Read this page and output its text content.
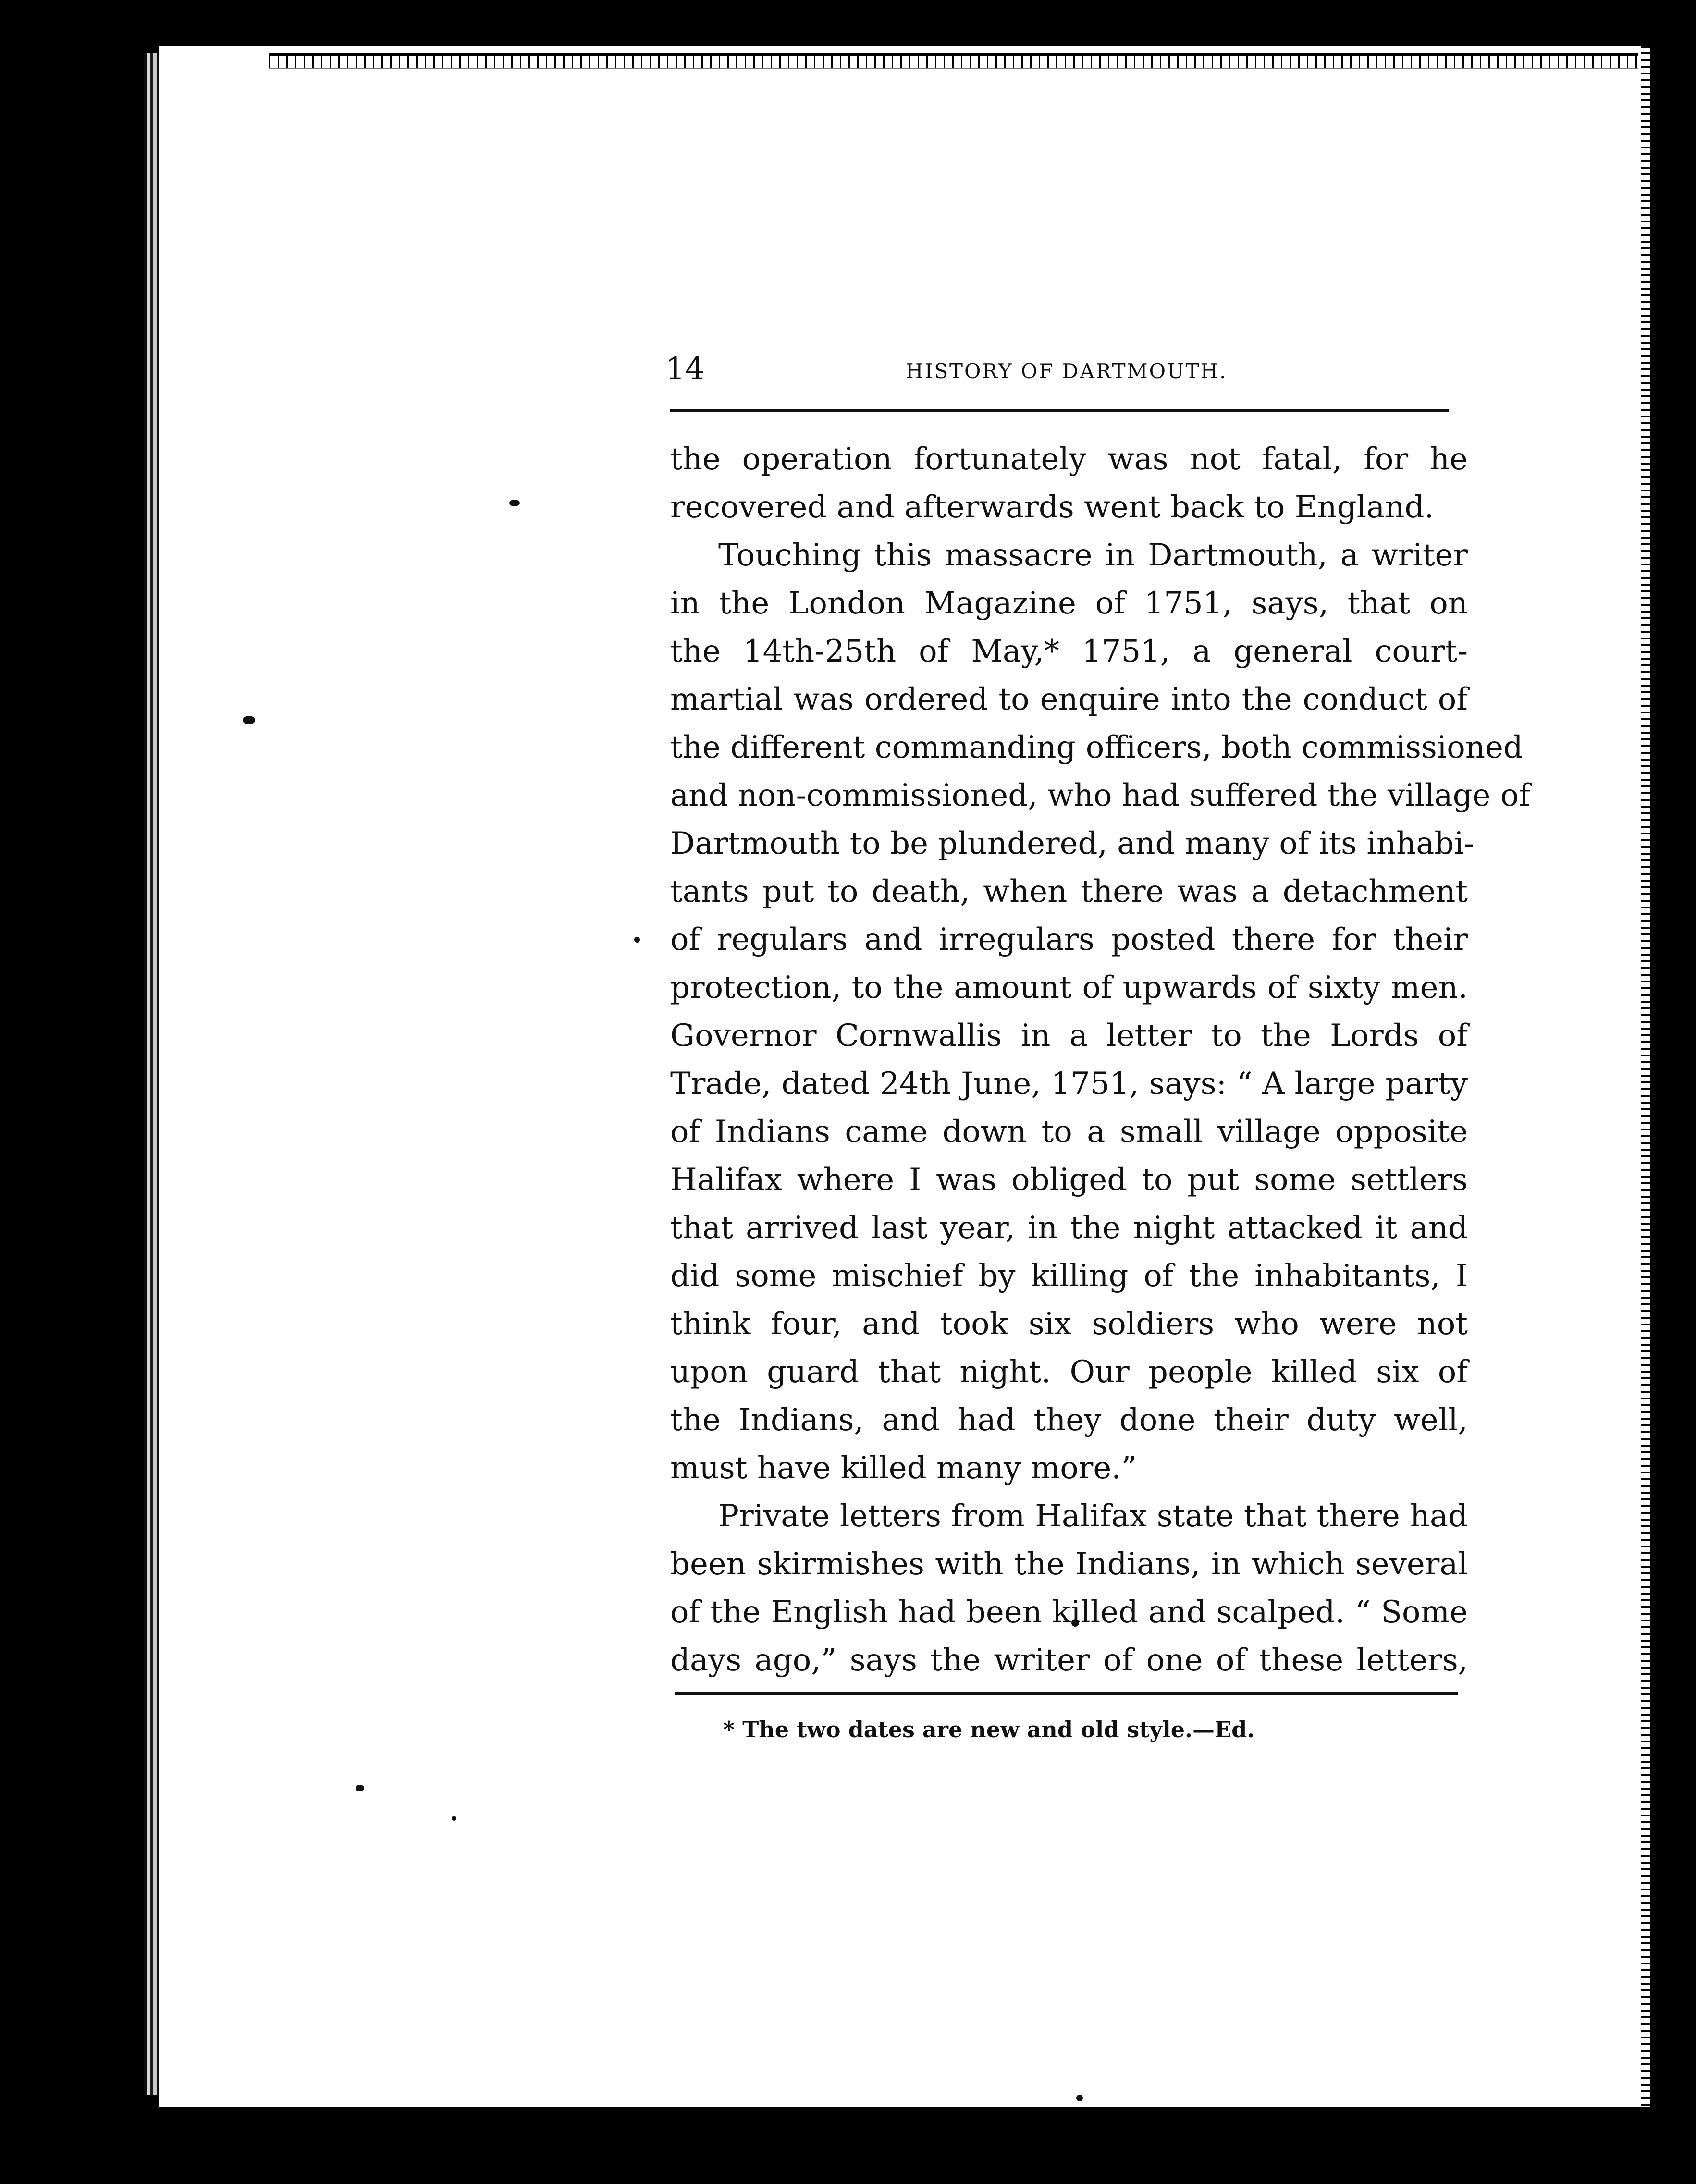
14	HISTORY OF DARTMOUTH.
the operation fortunately was not fatal, for he
recovered and afterwards went back to England.
Touching this massacre in Dartmouth, a writer
in the London Magazine of 1751, says, that on
the 14th-25th of May,* 1751, a general court-
martial was ordered to enquire into the conduct of
the different commanding officers, both commissioned
and non-commissioned, who had suffered the village of
Dartmouth to be plundered, and many of its inhabi-
tants put to death, when there was a detachment
of regulars and irregulars posted there for their
protection, to the amount of upwards of sixty men.
Governor Cornwallis in a letter to the Lords of
Trade, dated 24th June, 1751, says: “ A large party
of Indians came down to a small village opposite
Halifax where I was obliged to put some settlers
that arrived last year, in the night attacked it and
did some mischief by killing of the inhabitants, I
think four, and took six soldiers who were not
upon guard that night. Our people killed six of
the Indians, and had they done their duty well,
must have killed many more.”
Private letters from Halifax state that there had
been skirmishes with the Indians, in which several
of the English had been killed and scalped. “ Some
days ago,” says the writer of one of these letters,
* The two dates are new and old style.—Ed.
